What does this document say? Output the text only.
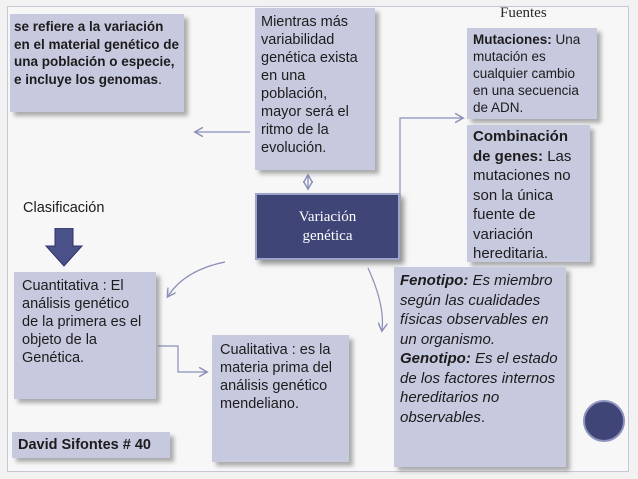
se refiere a la variación en el material genético de una población o especie, e incluye los genomas.
Mientras más variabilidad genética exista en una población, mayor será el ritmo de la evolución.
Fuentes
Mutaciones: Una mutación es cualquier cambio en una secuencia de ADN.
Combinación de genes: Las mutaciones no son la única fuente de variación hereditaria.
Variación
genética
Clasificación
Cuantitativa : El análisis genético de la primera es el objeto de la Genética.	Cualitativa : es la materia prima del análisis genético mendeliano.
Fenotipo: Es miembro según las cualidades físicas observables en un organismo. Genotipo: Es el estado de los factores internos hereditarios no observables.
David Sifontes # 40
